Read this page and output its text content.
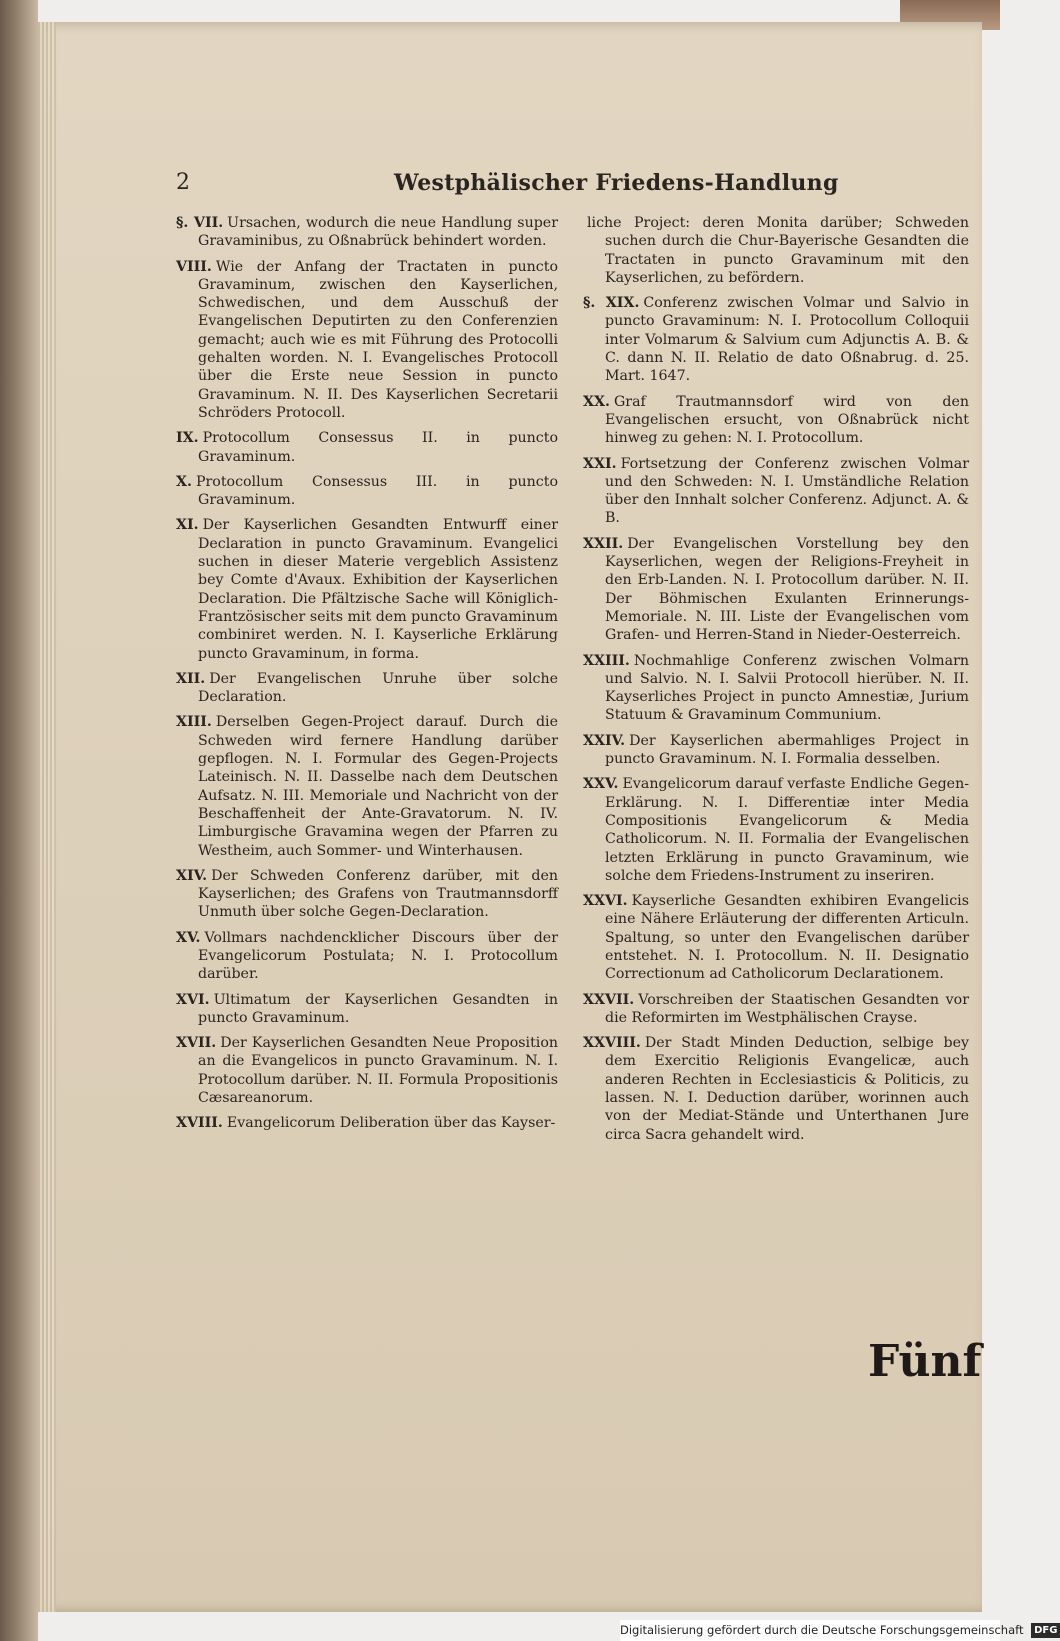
2	Westphälischer Friedens-Handlung

§. VII. Ursachen, wodurch die neue Handlung super Gravaminibus, zu Oßnabrück behindert worden.

VIII. Wie der Anfang der Tractaten in puncto Gravaminum, zwischen den Kayserlichen, Schwedischen, und dem Ausschuß der Evangelischen Deputirten zu den Conferenzien gemacht; auch wie es mit Führung des Protocolli gehalten worden. N. I. Evangelisches Protocoll über die Erste neue Session in puncto Gravaminum. N. II. Des Kayserlichen Secretarii Schröders Protocoll.

IX. Protocollum Consessus II. in puncto Gravaminum.

X. Protocollum Consessus III. in puncto Gravaminum.

XI. Der Kayserlichen Gesandten Entwurff einer Declaration in puncto Gravaminum. Evangelici suchen in dieser Materie vergeblich Assistenz bey Comte d'Avaux. Exhibition der Kayserlichen Declaration. Die Pfältzische Sache will Königlich-Frantzösischer seits mit dem puncto Gravaminum combiniret werden. N. I. Kayserliche Erklärung puncto Gravaminum, in forma.

XII. Der Evangelischen Unruhe über solche Declaration.

XIII. Derselben Gegen-Project darauf. Durch die Schweden wird fernere Handlung darüber gepflogen. N. I. Formular des Gegen-Projects Lateinisch. N. II. Dasselbe nach dem Deutschen Aufsatz. N. III. Memoriale und Nachricht von der Beschaffenheit der Ante-Gravatorum. N. IV. Limburgische Gravamina wegen der Pfarren zu Westheim, auch Sommer- und Winterhausen.

XIV. Der Schweden Conferenz darüber, mit den Kayserlichen; des Grafens von Trautmannsdorff Unmuth über solche Gegen-Declaration.

XV. Vollmars nachdencklicher Discours über der Evangelicorum Postulata; N. I. Protocollum darüber.

XVI. Ultimatum der Kayserlichen Gesandten in puncto Gravaminum.

XVII. Der Kayserlichen Gesandten Neue Proposition an die Evangelicos in puncto Gravaminum. N. I. Protocollum darüber. N. II. Formula Propositionis Cæsareanorum.

XVIII. Evangelicorum Deliberation über das Kayser-

liche Project: deren Monita darüber; Schweden suchen durch die Chur-Bayerische Gesandten die Tractaten in puncto Gravaminum mit den Kayserlichen, zu befördern.

§. XIX. Conferenz zwischen Volmar und Salvio in puncto Gravaminum: N. I. Protocollum Colloquii inter Volmarum & Salvium cum Adjunctis A. B. & C. dann N. II. Relatio de dato Oßnabrug. d. 25. Mart. 1647.

XX. Graf Trautmannsdorf wird von den Evangelischen ersucht, von Oßnabrück nicht hinweg zu gehen: N. I. Protocollum.

XXI. Fortsetzung der Conferenz zwischen Volmar und den Schweden: N. I. Umständliche Relation über den Innhalt solcher Conferenz. Adjunct. A. & B.

XXII. Der Evangelischen Vorstellung bey den Kayserlichen, wegen der Religions-Freyheit in den Erb-Landen. N. I. Protocollum darüber. N. II. Der Böhmischen Exulanten Erinnerungs-Memoriale. N. III. Liste der Evangelischen vom Grafen- und Herren-Stand in Nieder-Oesterreich.

XXIII. Nochmahlige Conferenz zwischen Volmarn und Salvio. N. I. Salvii Protocoll hierüber. N. II. Kayserliches Project in puncto Amnestiæ, Jurium Statuum & Gravaminum Communium.

XXIV. Der Kayserlichen abermahliges Project in puncto Gravaminum. N. I. Formalia desselben.

XXV. Evangelicorum darauf verfaste Endliche Gegen-Erklärung. N. I. Differentiæ inter Media Compositionis Evangelicorum & Media Catholicorum. N. II. Formalia der Evangelischen letzten Erklärung in puncto Gravaminum, wie solche dem Friedens-Instrument zu inseriren.

XXVI. Kayserliche Gesandten exhibiren Evangelicis eine Nähere Erläuterung der differenten Articuln. Spaltung, so unter den Evangelischen darüber entstehet. N. I. Protocollum. N. II. Designatio Correctionum ad Catholicorum Declarationem.

XXVII. Vorschreiben der Staatischen Gesandten vor die Reformirten im Westphälischen Crayse.

XXVIII. Der Stadt Minden Deduction, selbige bey dem Exercitio Religionis Evangelicæ, auch anderen Rechten in Ecclesiasticis & Politicis, zu lassen. N. I. Deduction darüber, worinnen auch von der Mediat-Stände und Unterthanen Jure circa Sacra gehandelt wird.

Fünf
Digitalisierung gefördert durch die Deutsche Forschungsgemeinschaft DFG
